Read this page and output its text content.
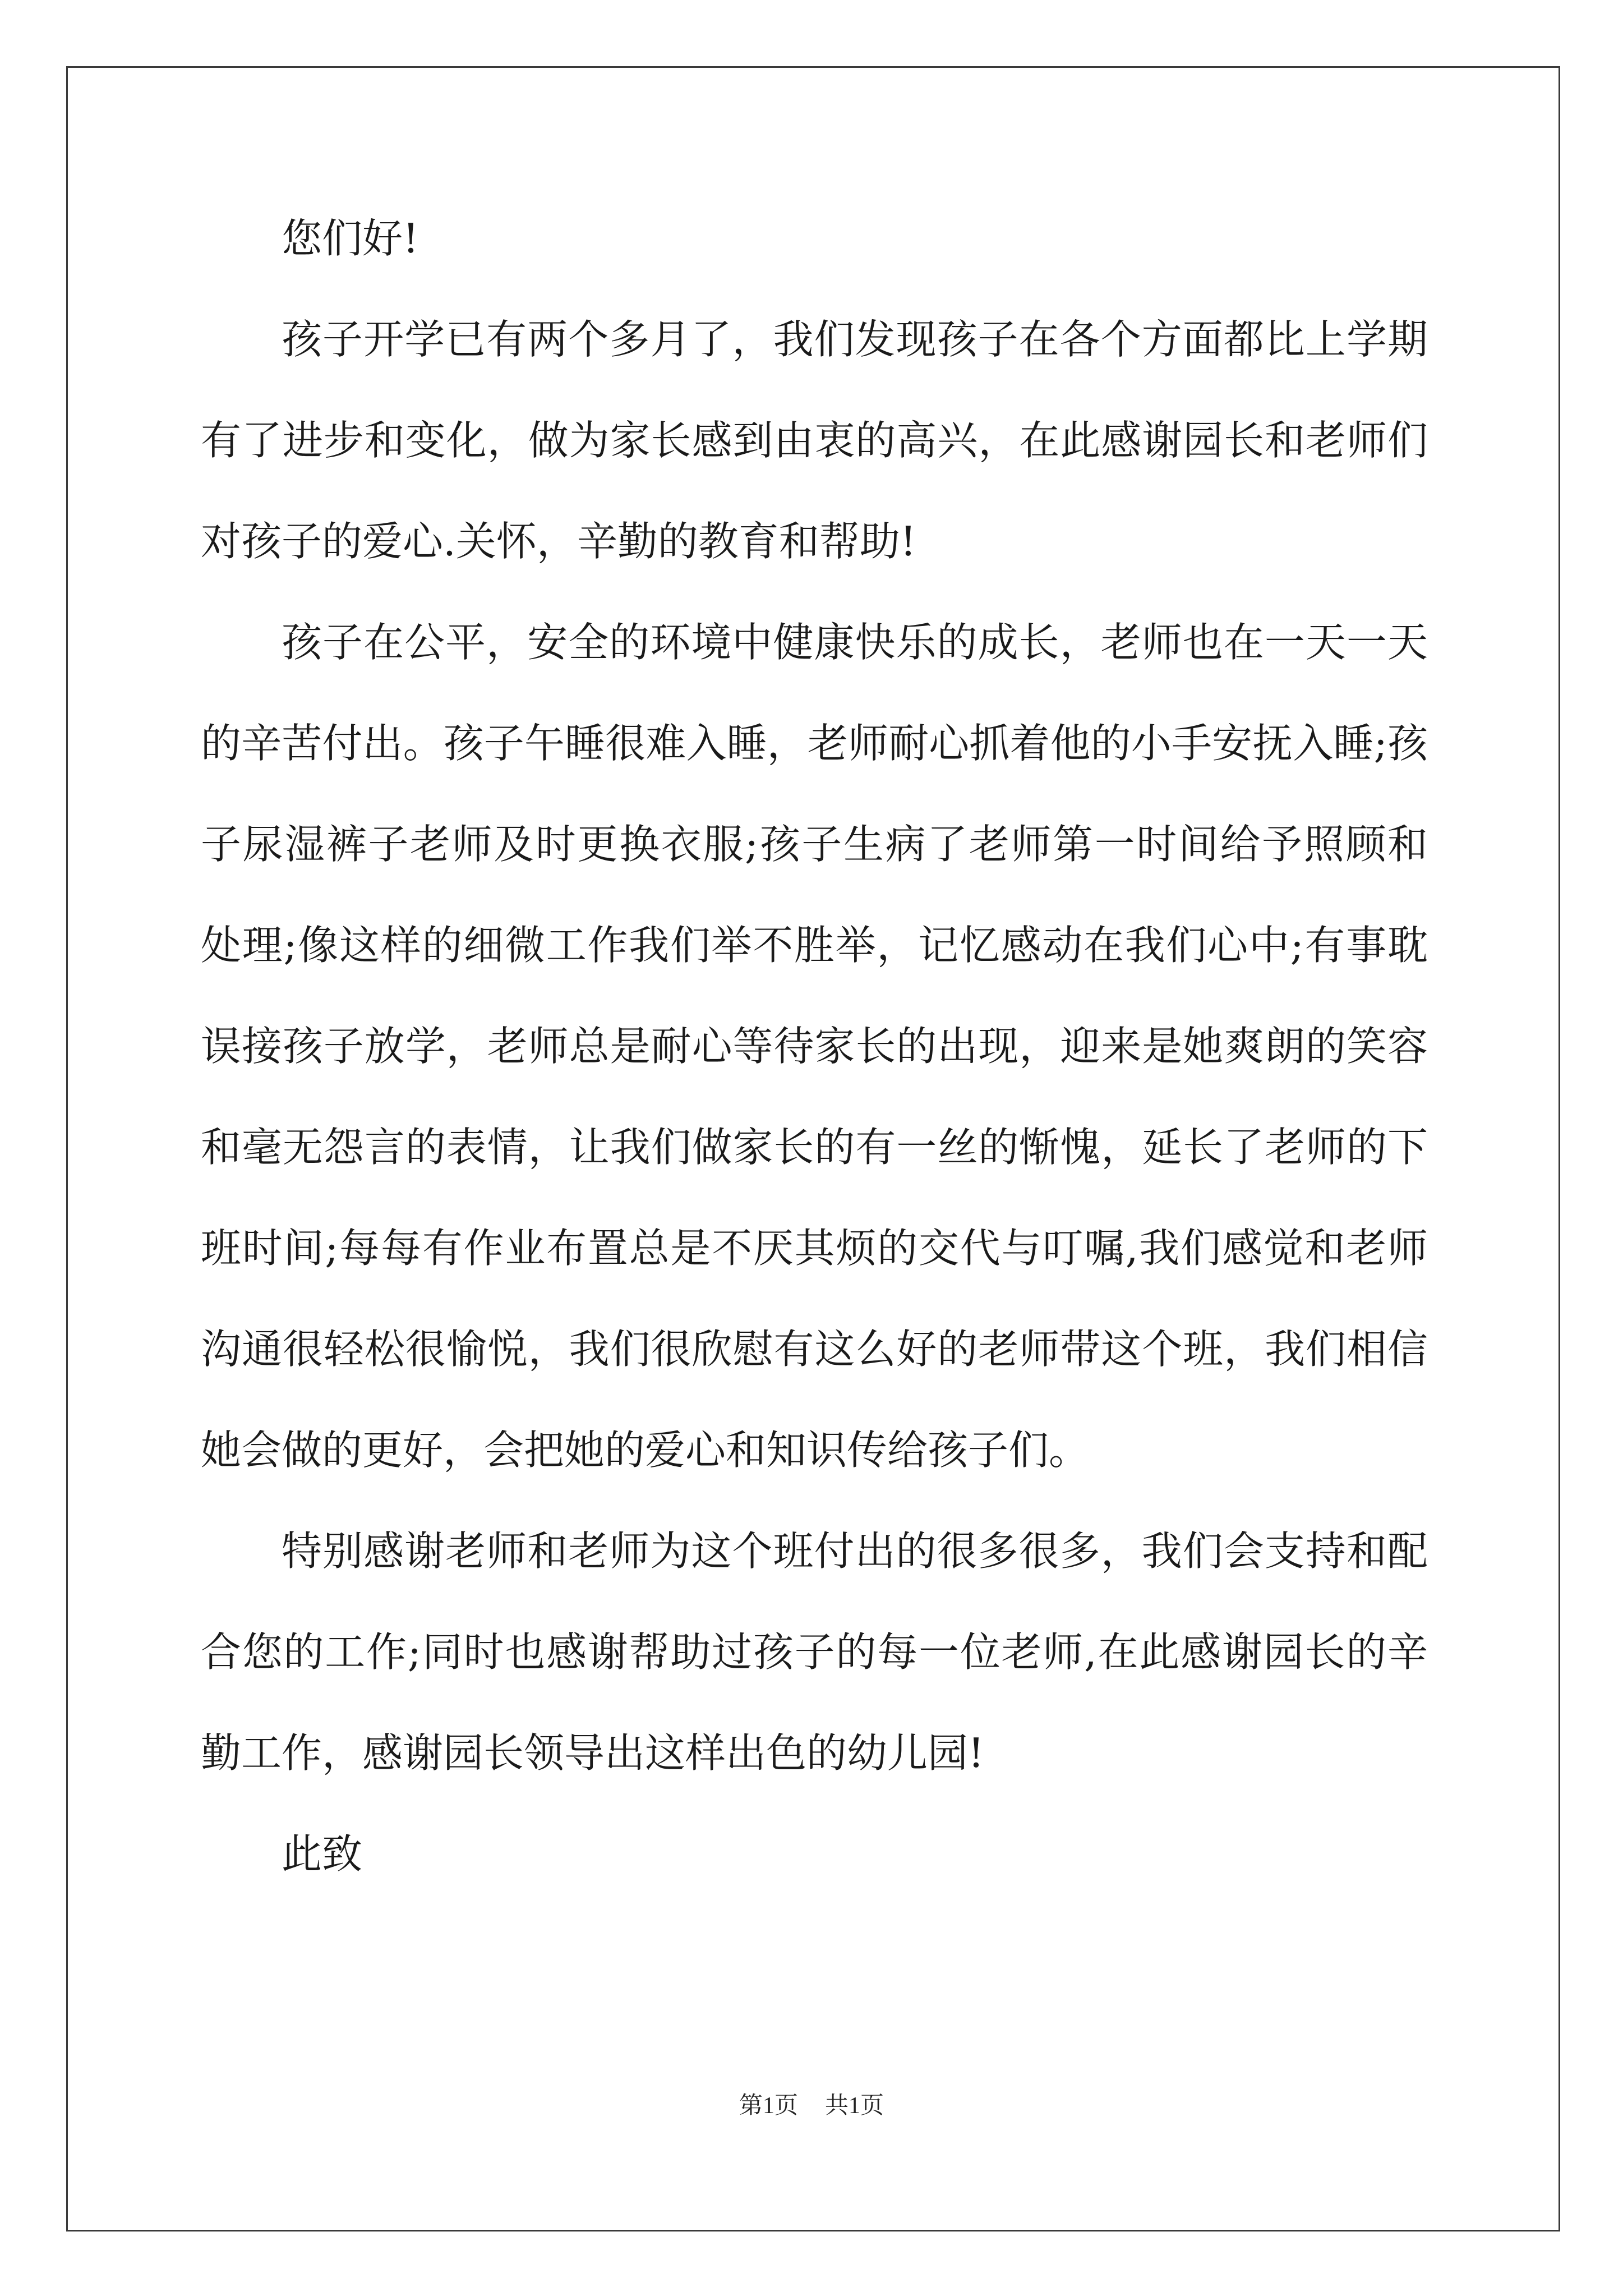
您们好!
孩子开学已有两个多月了，我们发现孩子在各个方面都比上学期
有了进步和变化，做为家长感到由衷的高兴，在此感谢园长和老师们
对孩子的爱心.关怀，辛勤的教育和帮助!
孩子在公平，安全的环境中健康快乐的成长，老师也在一天一天
的辛苦付出。孩子午睡很难入睡，老师耐心抓着他的小手安抚入睡;孩
子尿湿裤子老师及时更换衣服;孩子生病了老师第一时间给予照顾和
处理;像这样的细微工作我们举不胜举，记忆感动在我们心中;有事耽
误接孩子放学，老师总是耐心等待家长的出现，迎来是她爽朗的笑容
和毫无怨言的表情，让我们做家长的有一丝的惭愧，延长了老师的下
班时间;每每有作业布置总是不厌其烦的交代与叮嘱,我们感觉和老师
沟通很轻松很愉悦，我们很欣慰有这么好的老师带这个班，我们相信
她会做的更好，会把她的爱心和知识传给孩子们。
特别感谢老师和老师为这个班付出的很多很多，我们会支持和配
合您的工作;同时也感谢帮助过孩子的每一位老师,在此感谢园长的辛
勤工作，感谢园长领导出这样出色的幼儿园!
此致
第1页 共1页
